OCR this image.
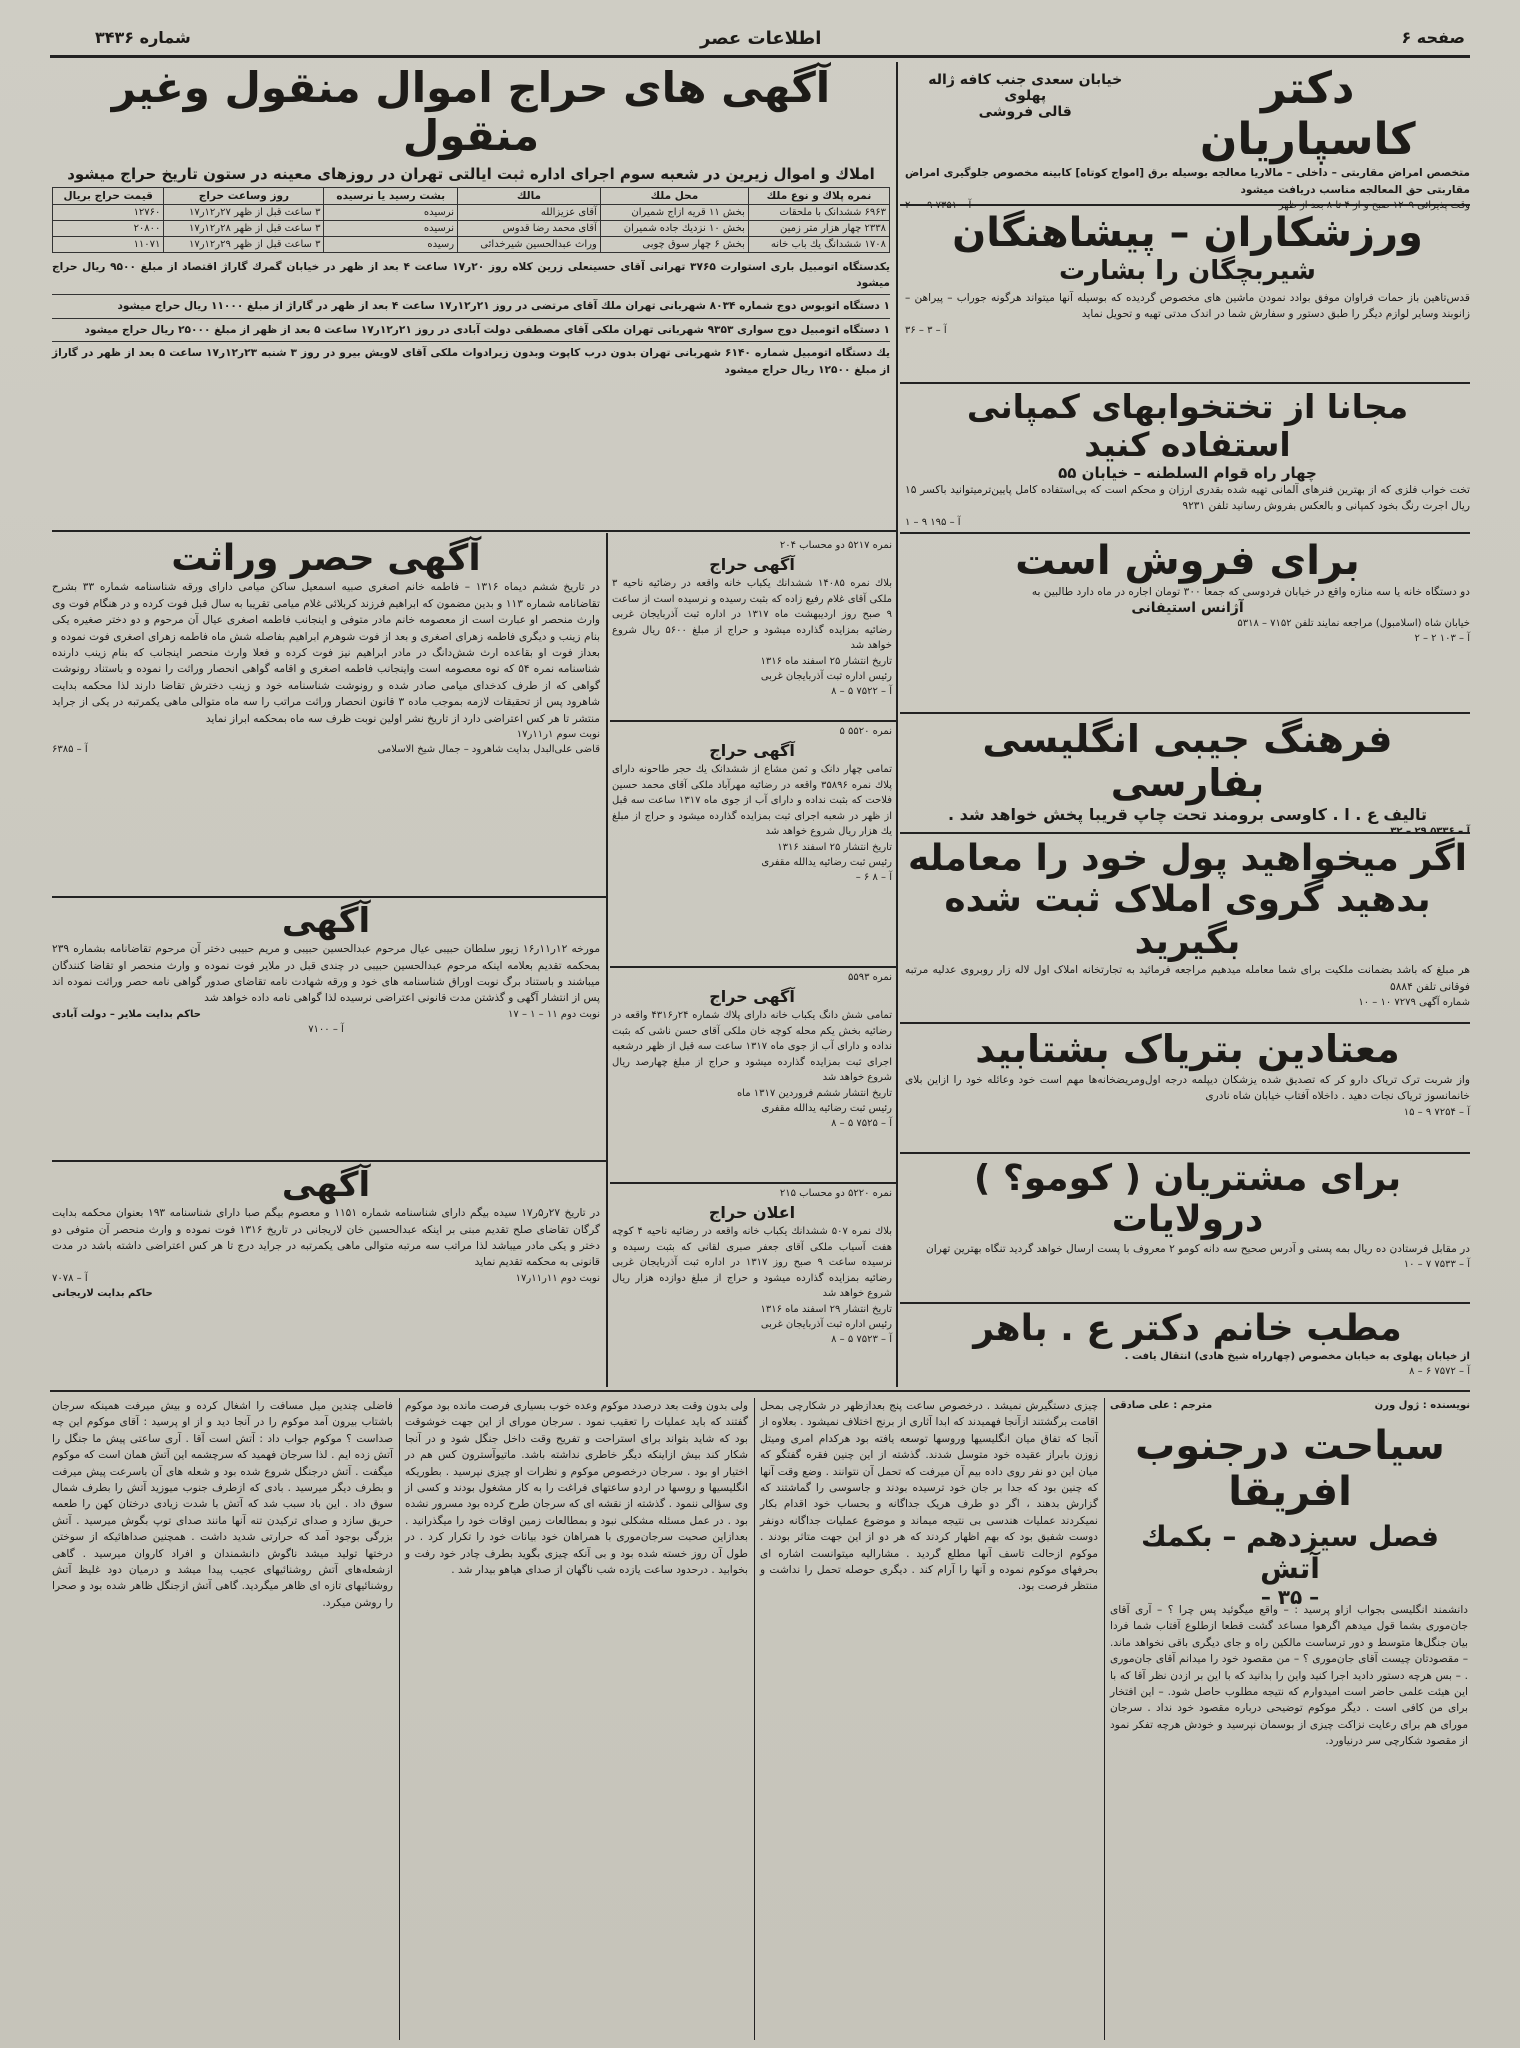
صفحه ۶
اطلاعات عصر
شماره ۳۴۳۶
دکتر کاسپاریان
خیابان سعدی جنب کافه ژاله پهلوی
قالی فروشی
متخصص امراض مقاربتی – داخلی – مالاریا معالجه بوسیله برق [امواج کوتاه] کابینه مخصوص جلوگیری امراض مقاربتی حق المعالجه مناسب دریافت میشود
ورزشکاران – پیشاهنگان
شیربچگان را بشارت
قدس‌تاهین باز حمات فراوان موفق بوادد نمودن ماشین های مخصوص گردیده که بوسیله آنها میتواند هرگونه جوراب – پیراهن – زانوبند وسایر لوازم دیگر را طبق دستور و سفارش شما در اندک مدتی تهیه و تحویل نماید
آ – ۳ – ۳۶
مجانا از تختخوابهای کمپانی استفاده کنید
چهار راه قوام السلطنه – خیابان ۵۵
تخت خواب فلزی که از بهترین فنرهای آلمانی تهیه شده بقدری ارزان و محکم است که بی‌استفاده کامل پایین‌ترمیتوانید باکسر ۱۵ ریال اجرت رنگ بخود کمپانی و بالعکس بفروش رسانید تلفن ۹۲۳۱
آ – ۱۹۵ ۹ – ۱
برای فروش است
دو دستگاه خانه یا سه منازه واقع در خیابان فردوسی که جمعا ۳۰۰ تومان اجاره در ماه دارد طالبین به
آژانس استیفانی
خیابان شاه (اسلامبول) مراجعه نمایند تلفن ۷۱۵۲ – ۵۳۱۸
آ – ۱۰۳ ۲ – ۲
فرهنگ جیبی انگلیسی بفارسی
تالیف ع . ا . کاوسی برومند تحت چاپ قریبا پخش خواهد شد .
اگر میخواهید پول خود را معامله
بدهید گروی املاک ثبت شده بگیرید
هر مبلغ که باشد بضمانت ملکیت برای شما معامله میدهیم مراجعه فرمائید به تجارتخانه املاک اول لاله زار روبروی عدلیه مرتبه فوقانی تلفن ۵۸۸۴
شماره آگهی ۷۲۷۹ ۱۰ – ۱۰
معتادین بتریاک بشتابید
واز شربت ترک تریاک دارو کر که تصدیق شده یزشکان دیپلمه درجه اول‌ومریضخانه‌ها مهم است خود وعائله خود را ازاین بلای خانمانسوز تریاک نجات دهید . داخلاه آفتاب خیابان شاه نادری
آ – ۷۲۵۴ ۹ – ۱۵
برای مشتریان ( کومو؟ ) درولایات
در مقابل فرستادن ده ریال بمه پستی و آدرس صحیح سه دانه کومو ۲ معروف با پست ارسال خواهد گردید تنگاه بهترین تهران
آ – ۷۵۳۳ ۷ – ۱۰
مطب خانم دکتر ع . باهر
از خیابان پهلوی به خیابان مخصوص (چهارراه شیخ هادی) انتقال یافت .
آ – ۷۵۷۲ ۶ – ۸
آگهی های حراج اموال منقول وغیر منقول
املاك و اموال زیرین در شعبه سوم اجرای اداره ثبت ایالتی تهران در روزهای معینه در ستون تاریخ حراج میشود
نمره پلاك و نوع ملك	محل ملك	مالك	بشت رسید یا نرسیده	روز وساعت حراج	قیمت حراج بریال
۶۹۶۳ ششدانک با ملحقات	بخش ۱۱ قریه ازاج شمیران	آقای عزیزالله	نرسیده	۳ ساعت قبل از ظهر ۲۷ر۱۲ر۱۷	۱۲۷۶۰
۲۳۳۸ چهار هزار متر زمین	بخش ۱۰ نزدیك جاده شمیران	آقای محمد رضا قدوس	نرسیده	۳ ساعت قبل از ظهر ۲۸ر۱۲ر۱۷	۲۰۸۰۰
۱۷۰۸ ششدانگ یك باب خانه	بخش ۶ چهار سوق چوبی	وراث عبدالحسین شیرخدائی	رسیده	۳ ساعت قبل از ظهر ۲۹ر۱۲ر۱۷	۱۱۰۷۱
یکدستگاه اتومبیل باری استوارت ۳۷۶۵ تهرانی آقای حسینعلی زرین کلاه روز ۲۰ر۱۷ ساعت ۴ بعد از ظهر در خیابان گمرك گاراژ اقتصاد از مبلغ ۹۵۰۰ ریال حراج میشود
۱ دستگاه اتوبوس دوج شماره ۸۰۳۴ شهربانی تهران ملك آقای مرتضی در روز ۲۱ر۱۲ر۱۷ ساعت ۴ بعد از ظهر در گاراژ از مبلغ ۱۱۰۰۰ ریال حراج میشود
۱ دستگاه اتومبیل دوج سواری ۹۳۵۳ شهربانی تهران ملکی آقای مصطفی دولت آبادی در روز ۲۱ر۱۲ر۱۷ ساعت ۵ بعد از ظهر از مبلغ ۲۵۰۰۰ ریال حراج میشود
یك دستگاه اتومبیل شماره ۶۱۴۰ شهربانی تهران بدون درب کاپوت وبدون زیرادوات ملکی آقای لاویش بیرو در روز ۳ شنبه ۲۳ر۱۲ر۱۷ ساعت ۵ بعد از ظهر در گاراژ از مبلغ ۱۲۵۰۰ ریال حراج میشود
نمره ۵۲۱۷ دو محساب ۲۰۴
آگهی حراج
بلاك نمره ۱۴۰۸۵ ششدانك یکباب خانه واقعه در رضائیه ناحیه ۳ ملکی آقای غلام رفیع زاده که بثبت رسیده و نرسیده است از ساعت ۹ صبح روز اردیبهشت ماه ۱۳۱۷ در اداره ثبت آذربایجان غربی رضائیه بمزایده گذارده میشود و حراج از مبلغ ۵۶۰۰ ریال شروع خواهد شد
تاریخ انتشار ۲۵ اسفند ماه ۱۳۱۶
رئیس اداره ثبت آذربایجان غربی
آ – ۷۵۲۲ ۵ – ۸
نمره ۵۵۲۰ ۵
آگهی حراج
تمامی چهار دانک و ثمن مشاع از ششدانک یك حجر طاحونه دارای پلاك نمره ۳۵۸۹۶ واقعه در رضائیه مهرآباد ملکی آقای محمد حسین فلاحت که بثبت نداده و دارای آب از جوی ماه ۱۳۱۷ ساعت سه قبل از ظهر در شعبه اجرای ثبت بمزایده گذارده میشود و حراج از مبلغ یك هزار ریال شروع خواهد شد
تاریخ انتشار ۲۵ اسفند ۱۳۱۶
رئیس ثبت رضائیه یدالله مقفری
آ – ۸ ۶ –
نمره ۵۵۹۳
آگهی حراج
تمامی شش دانگ یکباب خانه دارای پلاك شماره ۲۴ر۴۳۱۶ واقعه در رضائیه بخش یکم محله کوچه خان ملکی آقای حسن ناشی که بثبت نداده و دارای آب از جوی ماه ۱۳۱۷ ساعت سه قبل از ظهر درشعبه اجرای ثبت بمزایده گذارده میشود و حراج از مبلغ چهارصد ریال شروع خواهد شد
تاریخ انتشار ششم فروردین ۱۳۱۷ ماه
رئیس ثبت رضائیه یدالله مقفری
آ – ۷۵۲۵ ۵ – ۸
نمره ۵۲۲۰ دو محساب ۲۱۵
اعلان حراج
بلاك نمره ۵۰۷ ششدانك یکباب خانه واقعه در رضائیه ناحیه ۴ کوچه هفت آسیاب ملکی آقای جعفر صبری لقانی که بثبت رسیده و نرسیده ساعت ۹ صبح روز ۱۳۱۷ در اداره ثبت آذربایجان غربی رضائیه بمزایده گذارده میشود و حراج از مبلغ دوازده هزار ریال شروع خواهد شد
تاریخ انتشار ۲۹ اسفند ماه ۱۳۱۶
رئیس اداره ثبت آذربایجان غربی
آ – ۷۵۲۳ ۵ – ۸
آگهی حصر وراثت
در تاریخ ششم دیماه ۱۳۱۶ – فاطمه خانم اصغری صبیه اسمعیل ساکن میامی دارای ورقه شناسنامه شماره ۳۳ بشرح تقاضانامه شماره ۱۱۳ و بدین مضمون که ابراهیم فرزند کربلائی غلام میامی تقریبا به سال قبل فوت کرده و در هنگام فوت وی وارث منحصر او عبارت است از معصومه خانم مادر متوفی و اینجانب فاطمه اصغری عیال آن مرحوم و دو دختر صغیره یکی بنام زینب و دیگری فاطمه زهرای اصغری و بعد از فوت شوهرم ابراهیم بفاصله شش ماه فاطمه زهرای اصغری فوت نموده و بعداز فوت او بقاعده ارث شش‌دانگ در مادر ابراهیم نیز فوت کرده و فعلا وارث منحصر اینجانب که بنام زینب دارنده شناسنامه نمره ۵۴ که نوه معصومه است واینجانب فاطمه اصغری و اقامه گواهی انحصار وراثت را نموده و باستناد رونوشت گواهی که از طرف کدخدای میامی صادر شده و رونوشت شناسنامه خود و زینب دخترش تقاضا دارند لذا محکمه بدایت شاهرود پس از تحقیقات لازمه بموجب ماده ۳ قانون انحصار وراثت مراتب را سه ماه متوالی ماهی یکمرتبه در یکی از جراید منتشر تا هر کس اعتراضی دارد از تاریخ نشر اولین نوبت ظرف سه ماه بمحکمه ابراز نماید
نوبت سوم ۱ر۱۱ر۱۷
قاضی علی‌البدل بدایت شاهرود – جمال شیخ الاسلامی
آ – ۶۳۸۵
آگهی
مورخه ۱۲ر۱۱ر۱۶ زیور سلطان حبیبی عیال مرحوم عبدالحسین حبیبی و مریم حبیبی دختر آن مرحوم تقاضانامه بشماره ۲۳۹ بمحکمه تقدیم بعلامه اینکه مرحوم عبدالحسین حبیبی در چندی قبل در ملایر فوت نموده و وارث منحصر او تقاضا کنندگان میباشند و باستناد برگ نوبت اوراق شناسنامه های خود و ورقه شهادت نامه تقاضای صدور گواهی نامه حصر وراثت نموده اند پس از انتشار آگهی و گذشتن مدت قانونی اعتراضی نرسیده لذا گواهی نامه داده خواهد شد
نوبت دوم ۱۱ – ۱ – ۱۷
حاکم بدایت ملایر – دولت آبادی
آ – ۷۱۰۰
آگهی
در تاریخ ۲۷ر۵ر۱۷ سیده بیگم دارای شناسنامه شماره ۱۱۵۱ و معصوم بیگم صبا دارای شناسنامه ۱۹۳ بعنوان محکمه بدایت گرگان تقاضای صلح تقدیم مبنی بر اینکه عبدالحسین خان لاریجانی در تاریخ ۱۳۱۶ فوت نموده و وارث منحصر آن متوفی دو دختر و یکی مادر میباشد لذا مراتب سه مرتبه متوالی ماهی یکمرتبه در جراید درج تا هر کس اعتراضی داشته باشد در مدت قانونی به محکمه تقدیم نماید
نوبت دوم ۱۱ر۱۱ر۱۷
آ – ۷۰۷۸
حاکم بدایت لاریجانی
نویسنده : ژول ورن
مترجم : علی صادقی
سیاحت درجنوب افریقا
فصل سیزدهم – بکمك آتش
– ۳۵ –
دانشمند انگلیسی بجواب ازاو پرسید : – واقع میگوئید پس چرا ؟ – آری آقای جان‌موری بشما قول میدهم اگرهوا مساعد گشت قطعا ازطلوع آفتاب شما فردا بیان جنگل‌ها متوسط و دور ترساست مالکین راه و جای دیگری باقی نخواهد ماند. – مقصودتان چیست آقای جان‌موری ؟ – من مقصود خود را میدانم آقای جان‌موری . – بس هرچه دستور دادید اجرا کنید واین را بدانید که با این بر ازدن نظر آقا که با این هیئت علمی حاضر است امیدوارم که نتیجه مطلوب حاصل شود. – این افتخار برای من کافی است . دیگر موکوم توضیحی درباره مقصود خود نداد . سرجان مورای هم برای رعایت نزاکت چیزی از بوسمان نپرسید و خودش هرچه تفکر نمود از مقصود شکارچی سر درنیاورد.
چیزی دستگیرش نمیشد . درخصوص ساعت پنج بعدازظهر در شکارچی بمحل اقامت برگشتند ازآنجا فهمیدند که ابدا آثاری از برنج اختلاف نمیشود . بعلاوه از آنجا که تفاق میان انگلیسیها وروسها توسعه یافته بود هرکدام امری ومیتل زوزن بابراز عقیده خود متوسل شدند. گذشته از این چنین فقره گفتگو که میان این دو نفر روی داده بیم آن میرفت که تحمل آن نتوانند . وضع وقت آنها که چنین بود که جدا بر جان خود ترسیده بودند و جاسوسی را گماشتند که گزارش بدهند ، اگر دو طرف هریک جداگانه و بحساب خود اقدام بکار نمیکردند عملیات هندسی بی نتیجه میماند و موضوع عملیات جداگانه دونفر دوست شفیق بود که بهم اظهار کردند که هر دو از این جهت متاثر بودند . موکوم ازحالت تاسف آنها مطلع گردید . مشارالیه میتوانست اشاره ای بحرفهای موکوم نموده و آنها را آرام کند . دیگری حوصله تحمل را نداشت و منتظر فرصت بود.
ولی بدون وقت بعد درصدد موکوم وعده خوب بسیاری فرصت مانده بود موکوم گفتند که باید عملیات را تعقیب نمود . سرجان مورای از این جهت خوشوقت بود که شاید بتواند برای استراحت و تفریح وقت داخل جنگل شود و در آنجا شکار کند بیش ازاینکه دیگر خاطری نداشته باشد. ماتیوآسترون کس هم در اختیار او بود . سرجان درخصوص موکوم و نظرات او چیزی نپرسید . بطوریکه انگلیسیها و روسها در اردو ساعتهای فراغت را به کار مشغول بودند و کسی از وی سؤالی ننمود . گذشته از نقشه ای که سرجان طرح کرده بود مسرور نشده بود . در عمل مسئله مشکلی نبود و بمطالعات زمین اوقات خود را میگذرانید . بعدازاین صحبت سرجان‌موری با همراهان خود بیانات خود را تکرار کرد . در طول آن روز خسته شده بود و بی آنکه چیزی بگوید بطرف چادر خود رفت و بخوابید . درحدود ساعت یازده شب ناگهان از صدای هیاهو بیدار شد .
فاضلی چندین میل مسافت را اشغال کرده و بیش میرفت همینکه سرجان باشتاب بیرون آمد موکوم را در آنجا دید و از او پرسید : آقای موکوم این چه صداست ؟ موکوم جواب داد : آتش است آقا . آری ساعتی پیش ما جنگل را آتش زده ایم . لذا سرجان فهمید که سرچشمه این آتش همان است که موکوم میگفت . آتش درجنگل شروع شده بود و شعله های آن باسرعت پیش میرفت و بطرف دیگر میرسید . بادی که ازطرف جنوب میوزید آتش را بطرف شمال سوق داد . این باد سبب شد که آتش با شدت زیادی درختان کهن را طعمه حریق سازد و صدای ترکیدن تنه آنها مانند صدای توپ بگوش میرسید . آتش بزرگی بوجود آمد که حرارتی شدید داشت . همچنین صداهائیکه از سوختن درختها تولید میشد ناگوش دانشمندان و افراد کاروان میرسید . گاهی ازشعله‌های آتش روشنائیهای عجیب پیدا میشد و درمیان دود غلیظ آتش روشنائیهای تازه ای ظاهر میگردید. گاهی آتش ازجنگل ظاهر شده بود و صحرا را روشن میکرد.
